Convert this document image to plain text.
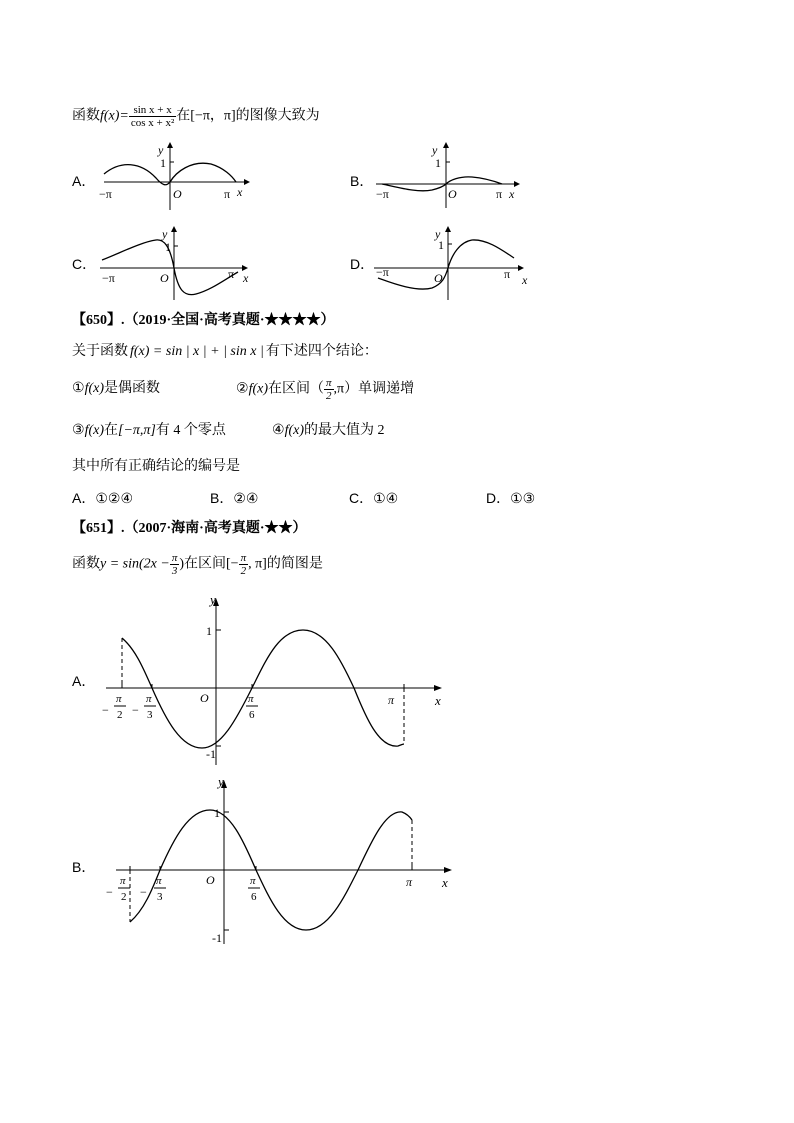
函数$f(x)= \frac{\text{sin x + x}}{\text{cos x + x²}}$ 在[−π，π]的图像大致为
A．
y
1
O
−π	π x
B．
y
1
O
−π	π x
C．
y
1
O
−π	π x
D．
y
1
O
−π	π x
【650】.（2019·全国·高考真题·★★★★）
关于函数 f(x) = sin | x | + | sin x | 有下述四个结论：
①f(x)是偶函数	②f(x)在区间（ $\frac{\pi}{2} ,\pi$）单调递增
③f(x)在[−π,π]有 4 个零点	④f(x)的最大值为 2
其中所有正确结论的编号是
A．①②④	B．②④	C．①④	D．①③
【651】.（2007·海南·高考真题·★★）
函数$y = \sin(2x - \frac{\pi}{3}$ )在区间[− $\frac{\pi}{2}$ , π]的简图是
A．
y
1
-1
O	x
π
−
π
2 −
π
3
π
6
B．
y
1
-1
O	x
π
−
π
2 −
π
3
π
6
